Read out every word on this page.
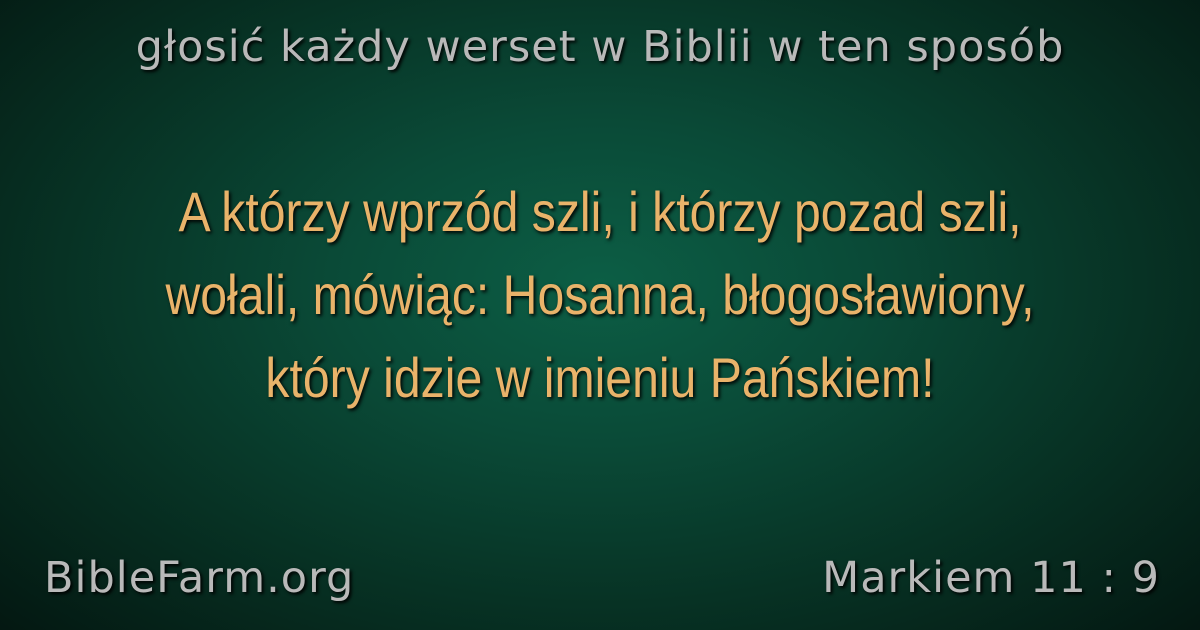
głosić każdy werset w Biblii w ten sposób
A którzy wprzód szli, i którzy pozad szli,
wołali, mówiąc: Hosanna, błogosławiony,
który idzie w imieniu Pańskiem!
BibleFarm.org	Markiem 11 : 9
